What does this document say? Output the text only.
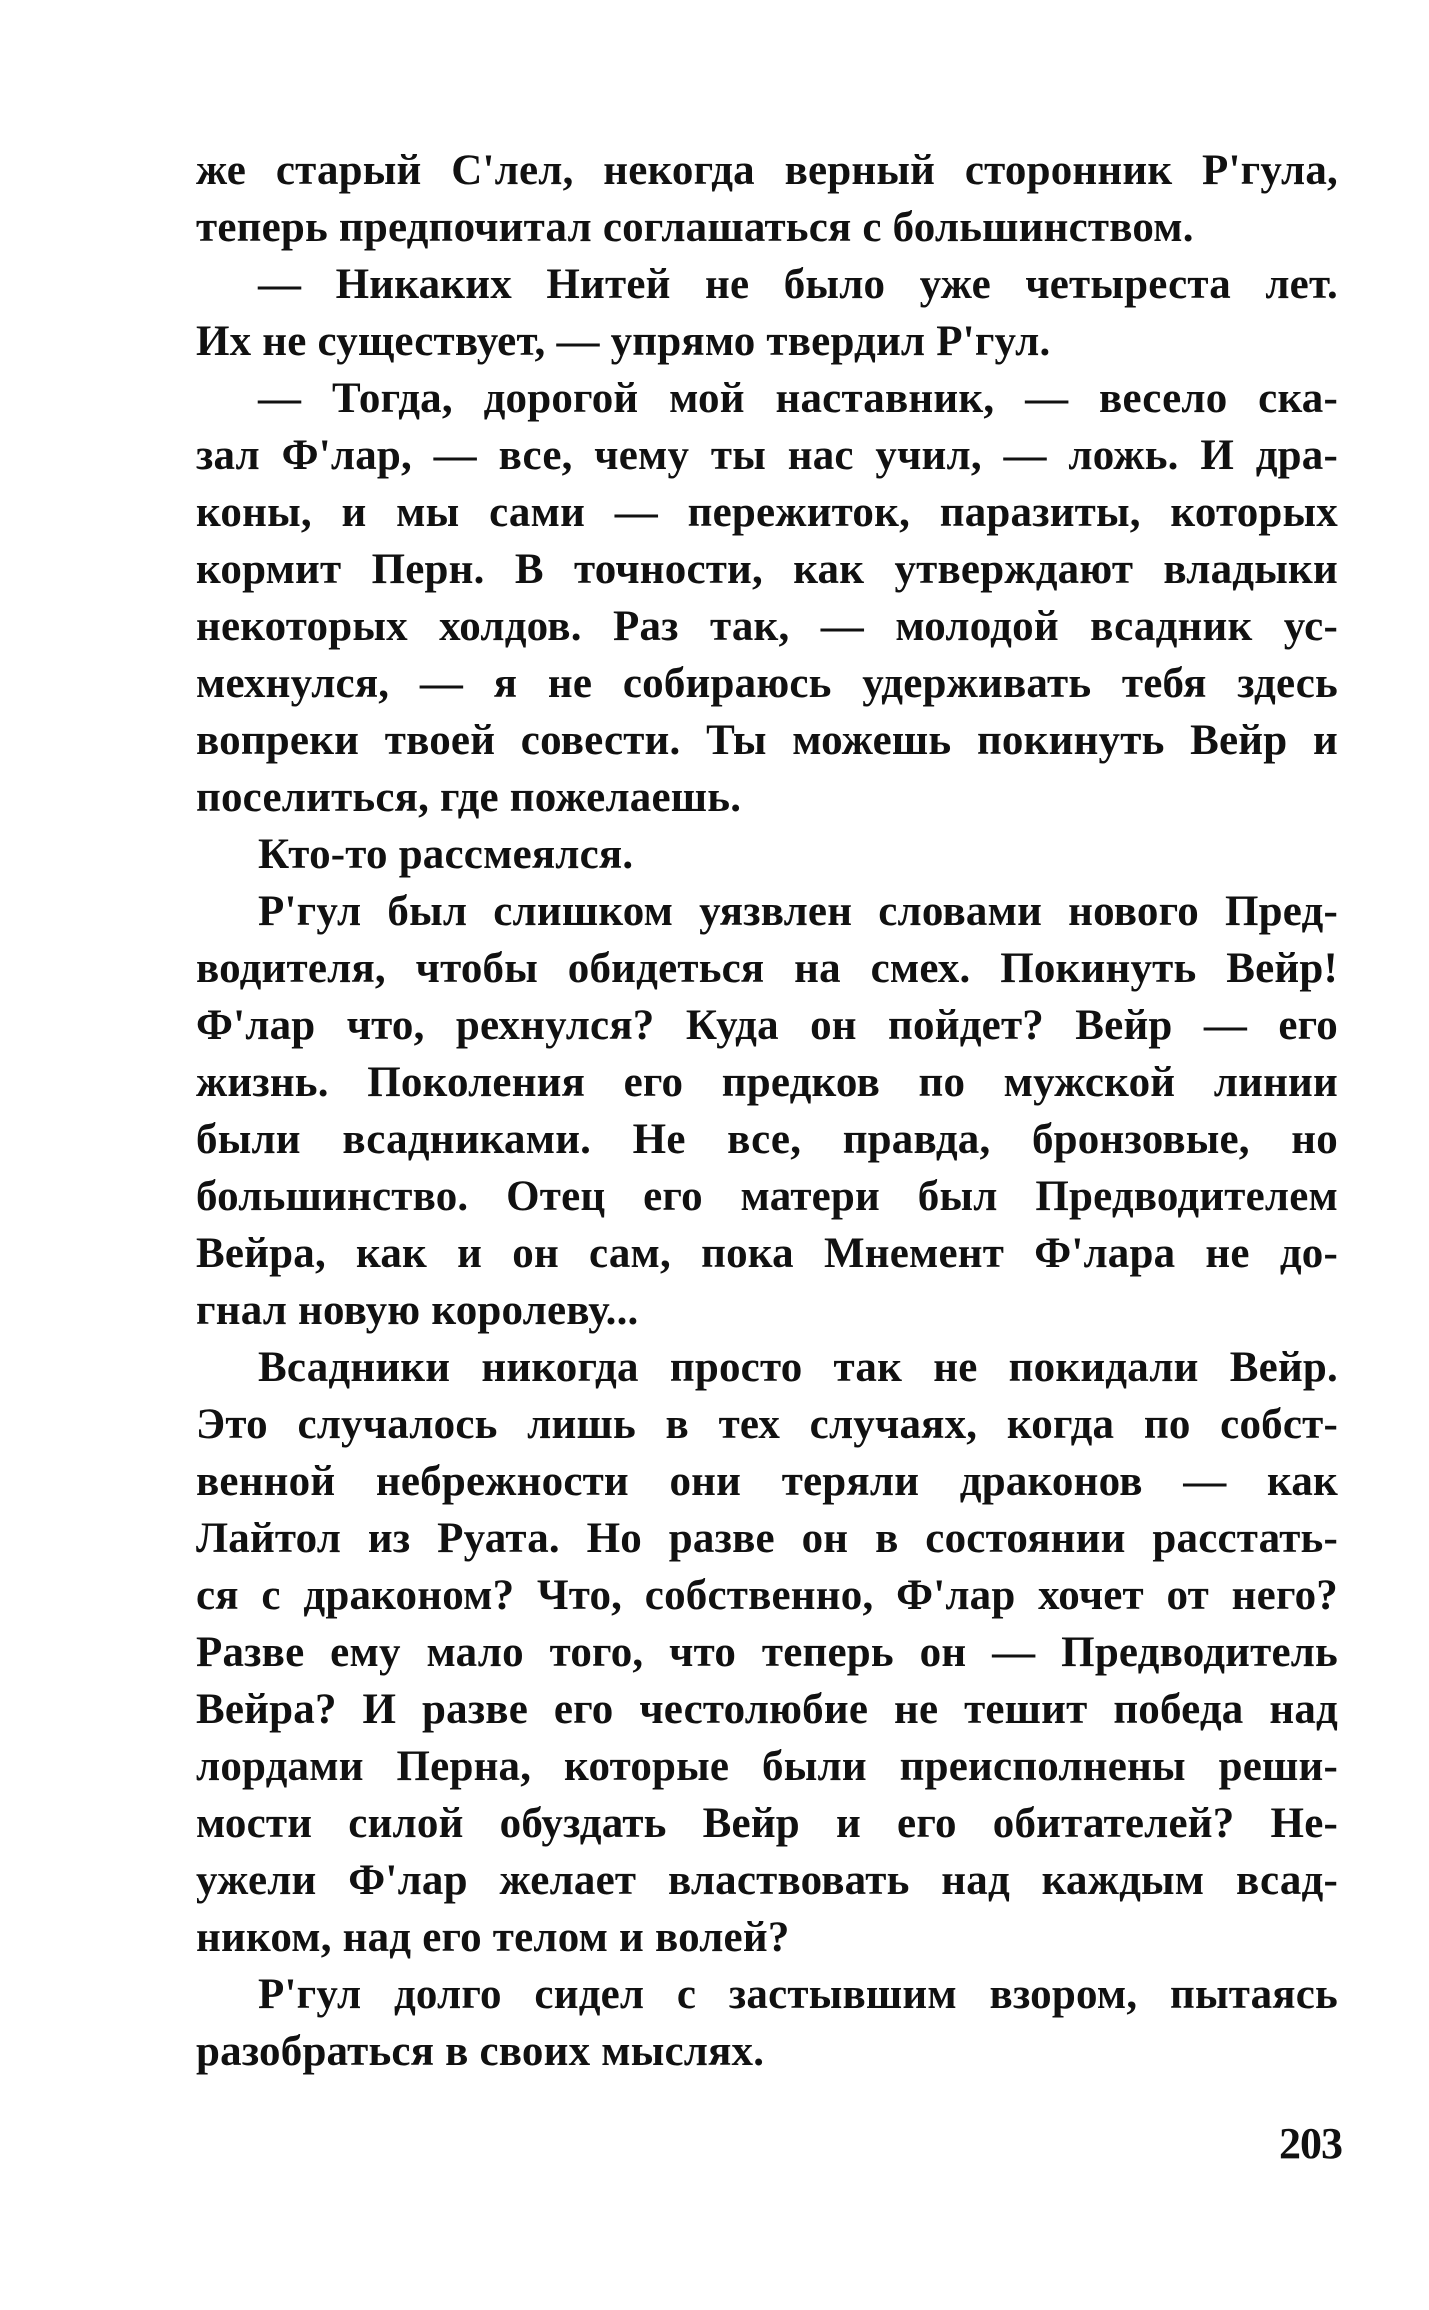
же старый С'лел, некогда верный сторонник Р'гула,
теперь предпочитал соглашаться с большинством.
— Никаких Нитей не было уже четыреста лет.
Их не существует, — упрямо твердил Р'гул.
— Тогда, дорогой мой наставник, — весело ска-
зал Ф'лар, — все, чему ты нас учил, — ложь. И дра-
коны, и мы сами — пережиток, паразиты, которых
кормит Перн. В точности, как утверждают владыки
некоторых холдов. Раз так, — молодой всадник ус-
мехнулся, — я не собираюсь удерживать тебя здесь
вопреки твоей совести. Ты можешь покинуть Вейр и
поселиться, где пожелаешь.
Кто-то рассмеялся.
Р'гул был слишком уязвлен словами нового Пред-
водителя, чтобы обидеться на смех. Покинуть Вейр!
Ф'лар что, рехнулся? Куда он пойдет? Вейр — его
жизнь. Поколения его предков по мужской линии
были всадниками. Не все, правда, бронзовые, но
большинство. Отец его матери был Предводителем
Вейра, как и он сам, пока Мнемент Ф'лара не до-
гнал новую королеву...
Всадники никогда просто так не покидали Вейр.
Это случалось лишь в тех случаях, когда по собст-
венной небрежности они теряли драконов — как
Лайтол из Руата. Но разве он в состоянии расстать-
ся с драконом? Что, собственно, Ф'лар хочет от него?
Разве ему мало того, что теперь он — Предводитель
Вейра? И разве его честолюбие не тешит победа над
лордами Перна, которые были преисполнены реши-
мости силой обуздать Вейр и его обитателей? Не-
ужели Ф'лар желает властвовать над каждым всад-
ником, над его телом и волей?
Р'гул долго сидел с застывшим взором, пытаясь
разобраться в своих мыслях.
203
